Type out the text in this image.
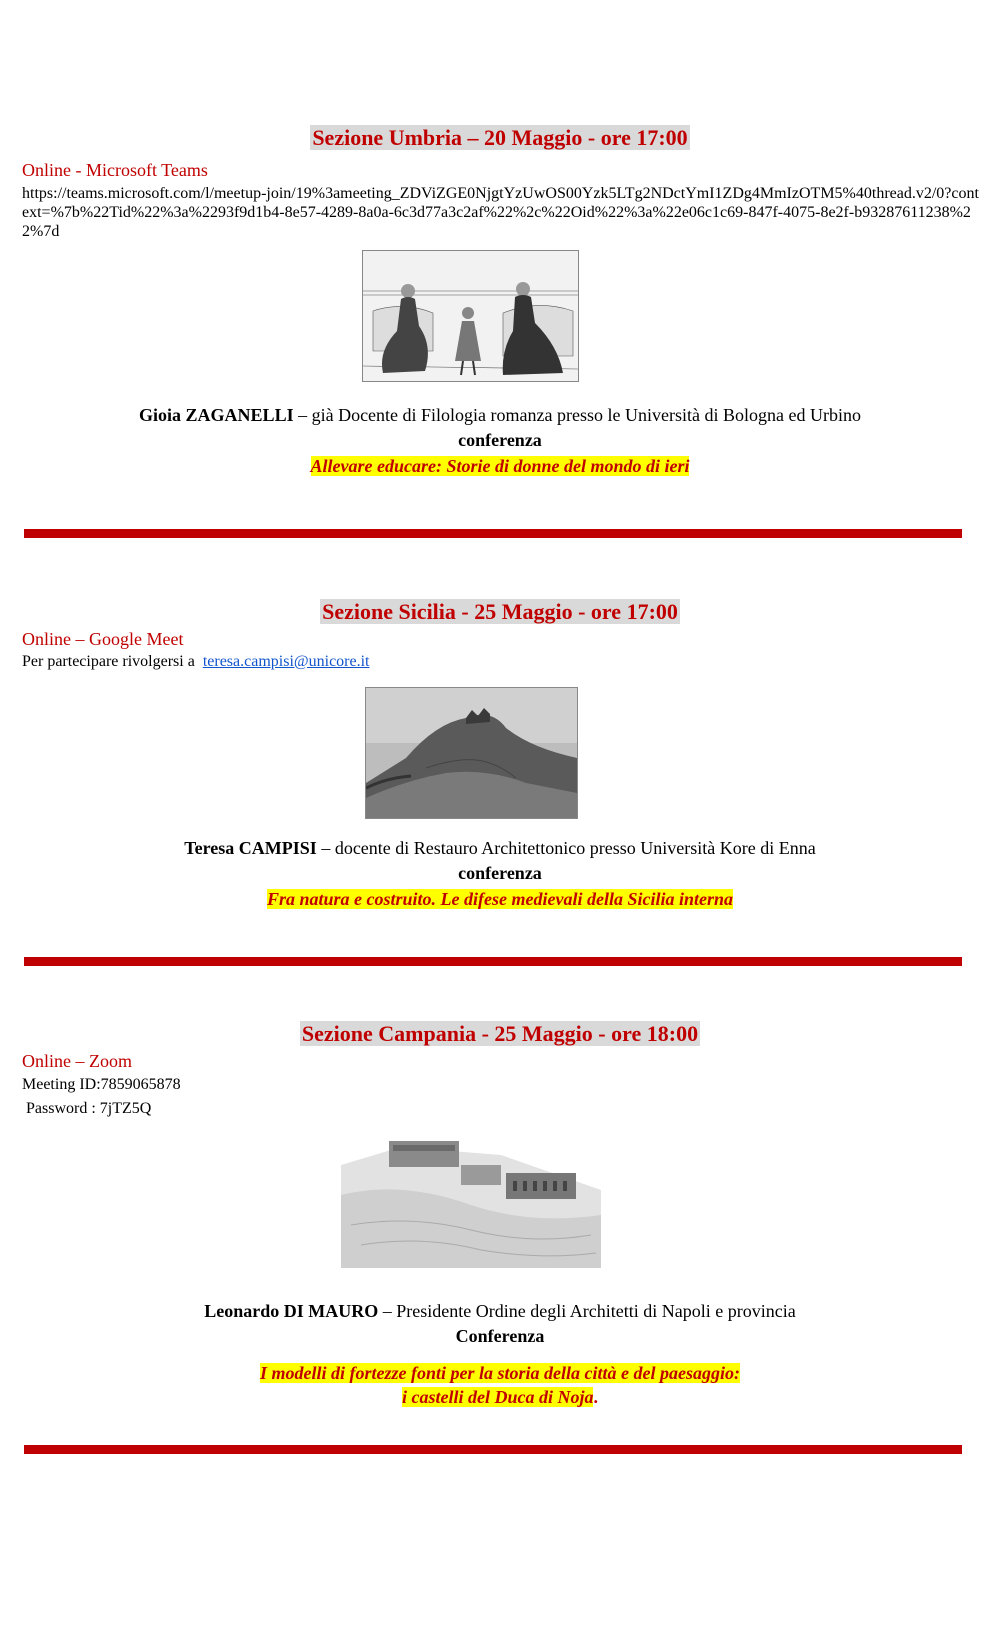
Sezione Umbria – 20 Maggio - ore 17:00
Online - Microsoft Teams
https://teams.microsoft.com/l/meetup-join/19%3ameeting_ZDViZGE0NjgtYzUwOS00Yzk5LTg2NDctYmI1ZDg4MmIzOTM5%40thread.v2/0?context=%7b%22Tid%22%3a%2293f9d1b4-8e57-4289-8a0a-6c3d77a3c2af%22%2c%22Oid%22%3a%22e06c1c69-847f-4075-8e2f-b93287611238%22%7d
Gioia ZAGANELLI – già Docente di Filologia romanza presso le Università di Bologna ed Urbino
conferenza
Allevare educare: Storie di donne del mondo di ieri
Sezione Sicilia - 25 Maggio - ore 17:00
Online – Google Meet
Per partecipare rivolgersi a teresa.campisi@unicore.it
Teresa CAMPISI – docente di Restauro Architettonico presso Università Kore di Enna
conferenza
Fra natura e costruito. Le difese medievali della Sicilia interna
Sezione Campania - 25 Maggio - ore 18:00
Online – Zoom
Meeting ID:7859065878
Password : 7jTZ5Q
Leonardo DI MAURO – Presidente Ordine degli Architetti di Napoli e provincia
Conferenza
I modelli di fortezze fonti per la storia della città e del paesaggio:
i castelli del Duca di Noja.
